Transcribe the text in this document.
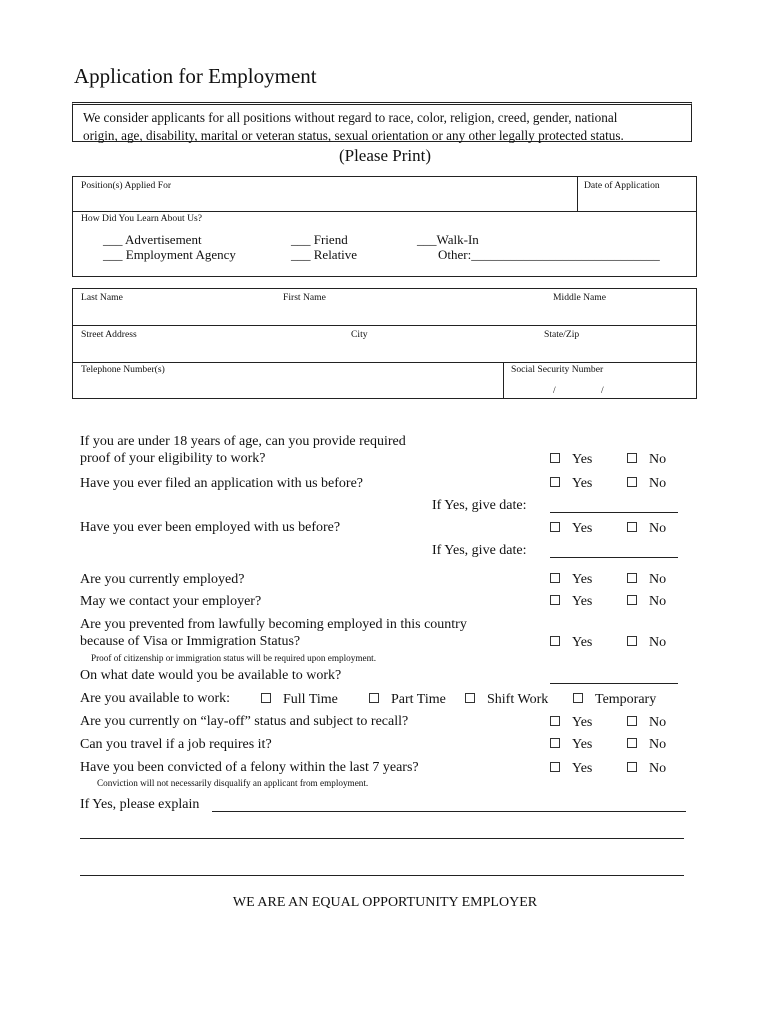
Application for Employment
We consider applicants for all positions without regard to race, color, religion, creed, gender, national
origin, age, disability, marital or veteran status, sexual orientation or any other legally protected status.
(Please Print)
Position(s) Applied For	Date of Application
How Did You Learn About Us?
___ Advertisement
___ Employment Agency
___ Friend
___ Relative
___Walk-In
Other:_____________________________
Last Name	First Name	Middle Name
Street Address	City	State/Zip
Telephone Number(s)	Social Security Number
/	/
If you are under 18 years of age, can you provide required
proof of your eligibility to work?	Yes	No
Have you ever filed an application with us before?	Yes	No
If Yes, give date:
Have you ever been employed with us before?	Yes	No
If Yes, give date:
Are you currently employed?	Yes	No
May we contact your employer?	Yes	No
Are you prevented from lawfully becoming employed in this country
because of Visa or Immigration Status?	Yes	No
Proof of citizenship or immigration status will be required upon employment.
On what date would you be available to work?
Are you available to work:	Full Time	Part Time	Shift Work	Temporary
Are you currently on “lay-off” status and subject to recall?	Yes	No
Can you travel if a job requires it?	Yes	No
Have you been convicted of a felony within the last 7 years?	Yes	No
Conviction will not necessarily disqualify an applicant from employment.
If Yes, please explain
WE ARE AN EQUAL OPPORTUNITY EMPLOYER
